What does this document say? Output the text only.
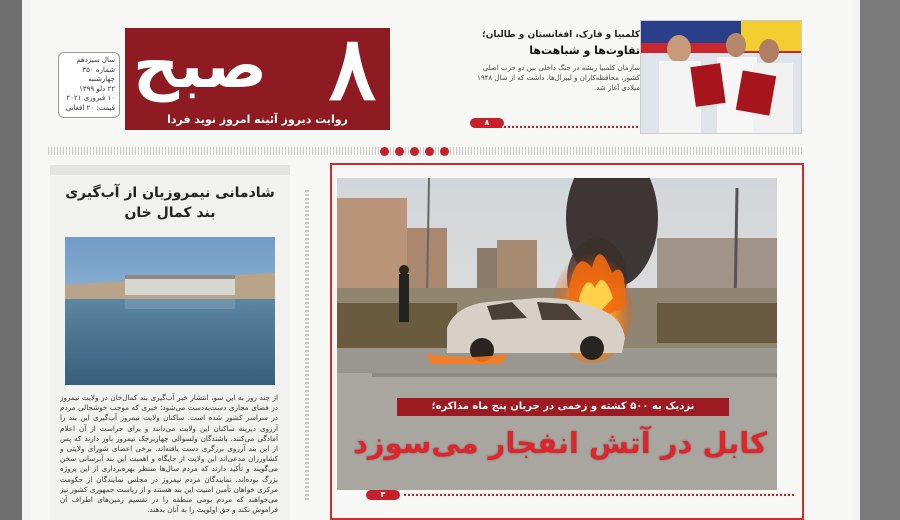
سال سیزدهم
شماره ۳۵۰
چهارشنبه
۲۲ دلو ۱۳۹۹
۱۰ فبروری ۲۰۲۱
قیمت: ۲۰ افغانی
صبح ۸
روایت دیروز آئینه امروز نوید فردا
کلمبیا و فارک، افغانستان و طالبان؛
تفاوت‌ها و شباهت‌ها
سازمان کلمبیا ریشه در جنگ داخلی بین دو حزب اصلی کشور، محافظه‌کاران و لیبرال‌ها، داشت که از سال ۱۹۴۸ میلادی آغاز شد.
۸
شادمانی نیمروزیان از آب‌گیری بند کمال خان
از چند روز به این سو، انتشار خبر آب‌گیری بند کمال‌خان در ولایت نیمروز در فضای مجازی دست‌به‌دست می‌شود؛ خبری که موجب خوشحالی مردم در سراسر کشور شده است. ساکنان ولایت نیمروز آب‌گیری این بند را آرزوی دیرینه ساکنان این ولایت می‌دانند و برای حراست از آن اعلام آمادگی می‌کنند. باشندگان ولسوالی چهاربرجک نیمروز باور دارند که پس از این بند آرزوی برزگری دست یافته‌اند. برخی اعضای شورای ولایتی و کشاورزان مدعی‌اند این ولایت از جایگاه و اهمیت این بند آبرسانی سخن می‌گویند و تأکید دارند که مردم سال‌ها منتظر بهره‌برداری از این پروژه بزرگ بوده‌اند. نمایندگان مردم نیمروز در مجلس نمایندگان از حکومت مرکزی خواهان تأمین امنیت این بند هستند و از ریاست جمهوری کشور نیز می‌خواهند که مردم بومی منطقه را در تقسیم زمین‌های اطراف آن فراموش نکند و حق اولویت را به آنان بدهند.
نزدیک به ۵۰۰ کشته و زخمی در جریان پنج ماه مذاکره؛
کابل در آتش انفجار می‌سوزد
۳
